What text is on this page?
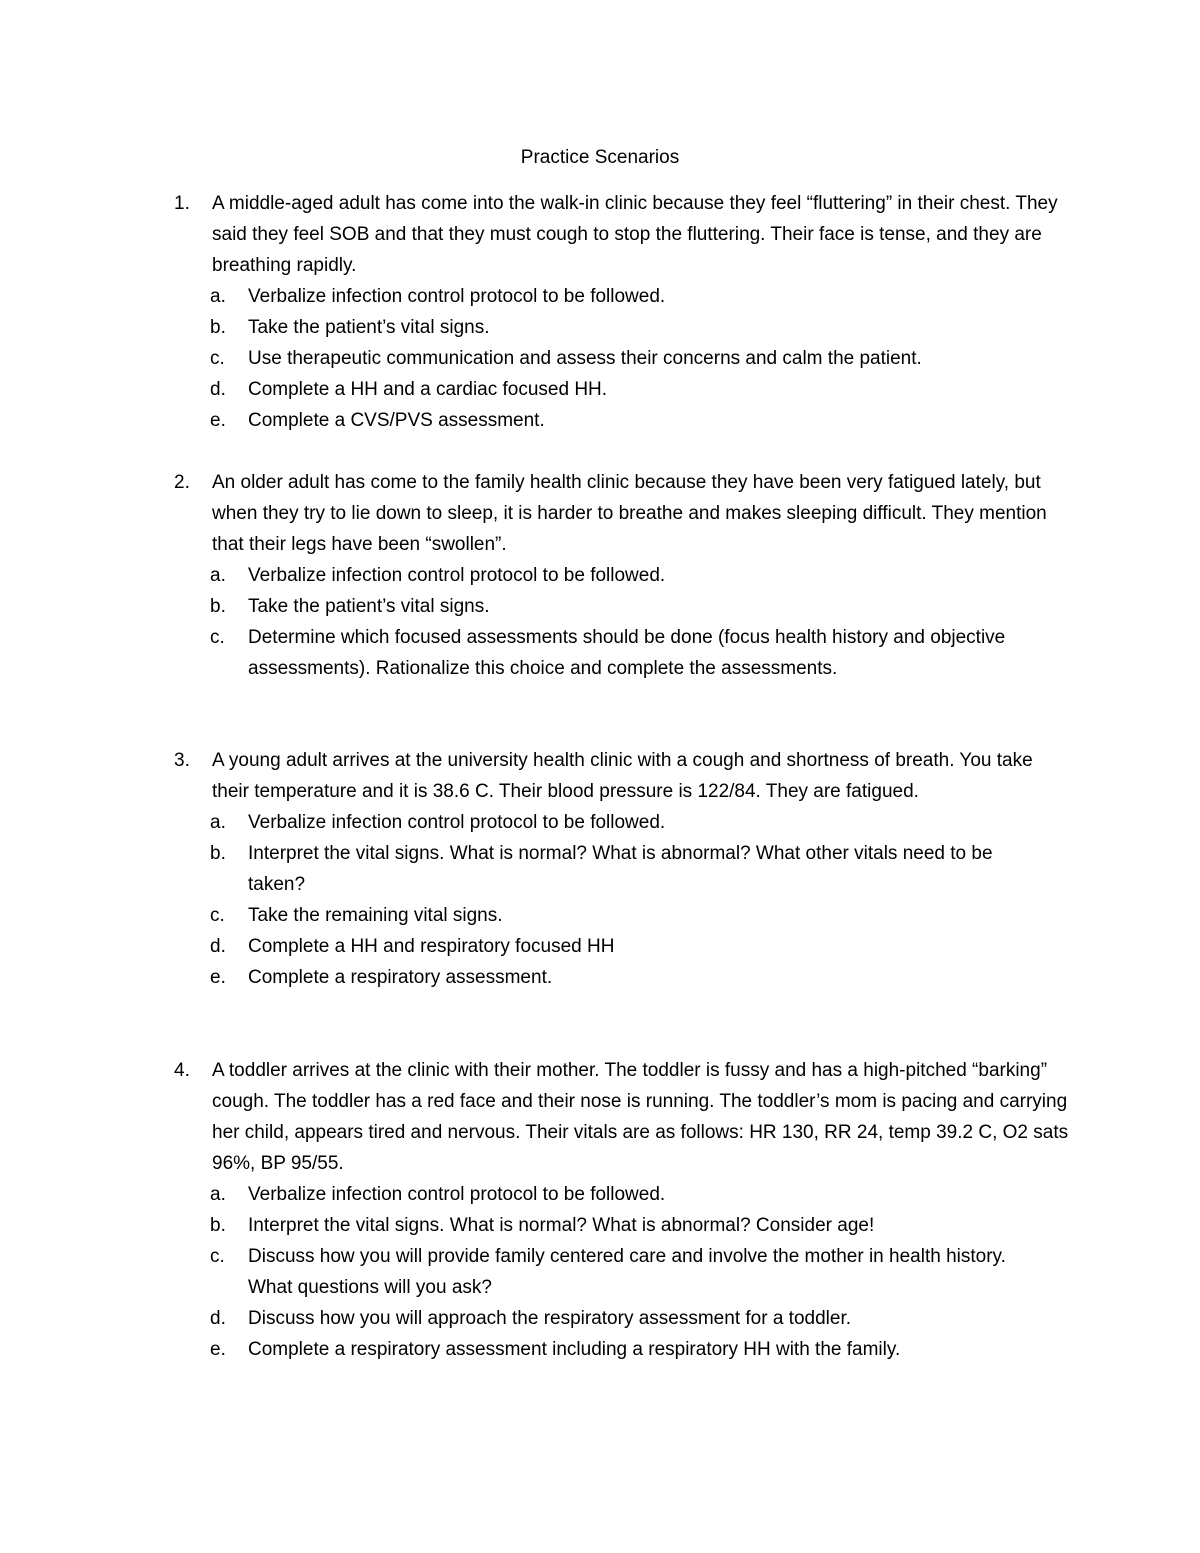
Practice Scenarios
1.	A middle-aged adult has come into the walk-in clinic because they feel “fluttering” in their chest. They said they feel SOB and that they must cough to stop the fluttering. Their face is tense, and they are breathing rapidly.
a.	Verbalize infection control protocol to be followed.
b.	Take the patient’s vital signs.
c.	Use therapeutic communication and assess their concerns and calm the patient.
d.	Complete a HH and a cardiac focused HH.
e.	Complete a CVS/PVS assessment.
2.	An older adult has come to the family health clinic because they have been very fatigued lately, but when they try to lie down to sleep, it is harder to breathe and makes sleeping difficult. They mention that their legs have been “swollen”.
a.	Verbalize infection control protocol to be followed.
b.	Take the patient’s vital signs.
c.	Determine which focused assessments should be done (focus health history and objective assessments). Rationalize this choice and complete the assessments.
3.	A young adult arrives at the university health clinic with a cough and shortness of breath. You take their temperature and it is 38.6 C. Their blood pressure is 122/84. They are fatigued.
a.	Verbalize infection control protocol to be followed.
b.	Interpret the vital signs. What is normal? What is abnormal? What other vitals need to be taken?
c.	Take the remaining vital signs.
d.	Complete a HH and respiratory focused HH
e.	Complete a respiratory assessment.
4.	A toddler arrives at the clinic with their mother. The toddler is fussy and has a high-pitched “barking” cough. The toddler has a red face and their nose is running. The toddler’s mom is pacing and carrying her child, appears tired and nervous. Their vitals are as follows: HR 130, RR 24, temp 39.2 C, O2 sats 96%, BP 95/55.
a.	Verbalize infection control protocol to be followed.
b.	Interpret the vital signs. What is normal? What is abnormal? Consider age!
c.	Discuss how you will provide family centered care and involve the mother in health history. What questions will you ask?
d.	Discuss how you will approach the respiratory assessment for a toddler.
e.	Complete a respiratory assessment including a respiratory HH with the family.
